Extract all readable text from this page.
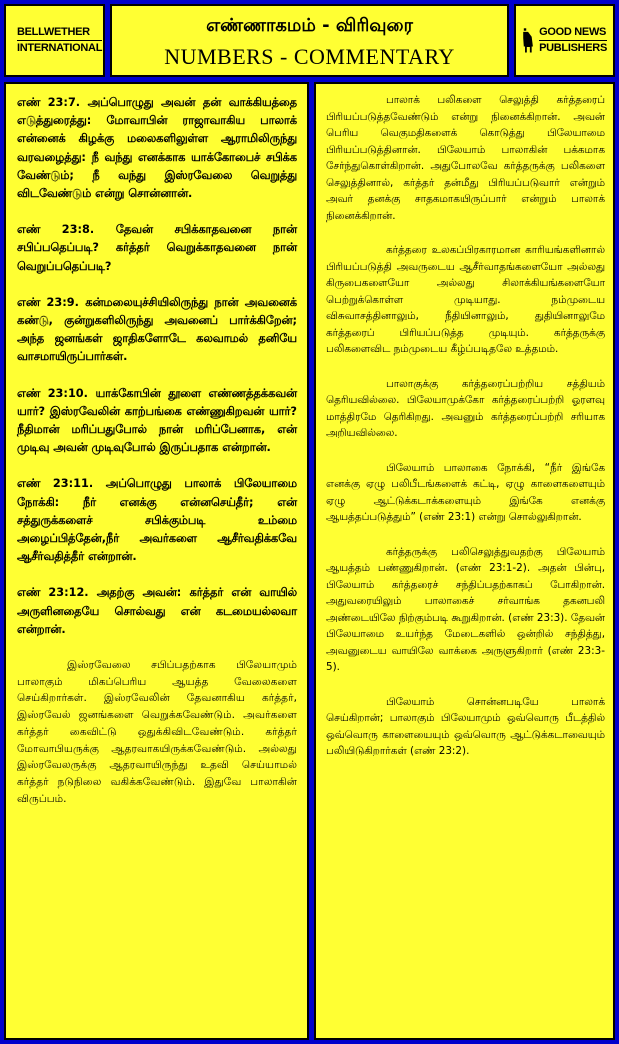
BELLWETHER
INTERNATIONAL
எண்ணாகமம் - விரிவுரை
NUMBERS - COMMENTARY
GOOD NEWS
PUBLISHERS

எண் 23:7. அப்பொழுது அவன் தன் வாக்கியத்தை எடுத்துரைத்து: மோவாபின் ராஜாவாகிய பாலாக் என்னைக் கிழக்கு மலைகளிலுள்ள ஆராமிலிருந்து வரவழைத்து: நீ வந்து எனக்காக யாக்கோபைச் சபிக்க வேண்டும்; நீ வந்து இஸ்ரவேலை வெறுத்து விடவேண்டும் என்று சொன்னான்.

எண் 23:8. தேவன் சபிக்காதவனை நான் சபிப்பதெப்படி? கர்த்தர் வெறுக்காதவனை நான் வெறுப்பதெப்படி?

எண் 23:9. கன்மலையுச்சியிலிருந்து நான் அவனைக் கண்டு, குன்றுகளிலிருந்து அவனைப் பார்க்கிறேன்; அந்த ஜனங்கள் ஜாதிகளோடே கலவாமல் தனியே வாசமாயிருப்பார்கள்.

எண் 23:10. யாக்கோபின் தூளை எண்ணத்தக்கவன் யார்? இஸ்ரவேலின் காற்பங்கை எண்ணுகிறவன் யார்? நீதிமான் மரிப்பதுபோல் நான் மரிப்பேனாக, என் முடிவு அவன் முடிவுபோல் இருப்பதாக என்றான்.

எண் 23:11. அப்பொழுது பாலாக் பிலேயாமை நோக்கி: நீர் எனக்கு என்னசெய்தீர்; என் சத்துருக்களைச் சபிக்கும்படி உம்மை அழைப்பித்தேன்,நீர் அவர்களை ஆசீர்வதிக்கவே ஆசீர்வதித்தீர் என்றான்.

எண் 23:12. அதற்கு அவன்: கர்த்தர் என் வாயில் அருளினதையே சொல்வது என் கடமையல்லவா என்றான்.

இஸ்ரவேலை சபிப்பதற்காக பிலேயாமும் பாலாகும் மிகப்பெரிய ஆயத்த வேலைகளை செய்கிறார்கள். இஸ்ரவேலின் தேவனாகிய கர்த்தர், இஸ்ரவேல் ஜனங்களை வெறுக்கவேண்டும். அவர்களை கர்த்தர் கைவிட்டு ஒதுக்கிவிடவேண்டும். கர்த்தர் மோவாபியருக்கு ஆதரவாகயிருக்கவேண்டும். அல்லது இஸ்ரவேலருக்கு ஆதரவாயிருந்து உதவி செய்யாமல் கர்த்தர் நடுநிலை வகிக்கவேண்டும். இதுவே பாலாகின் விருப்பம்.

பாலாக் பலிகளை செலுத்தி கர்த்தரைப் பிரியப்படுத்தவேண்டும் என்று நினைக்கிறான். அவன் பெரிய வெகுமதிகளைக் கொடுத்து பிலேயாமை பிரியப்படுத்தினான். பிலேயாம் பாலாகின் பக்கமாக சேர்ந்துகொள்கிறான். அதுபோலவே கர்த்தருக்கு பலிகளை செலுத்தினால், கர்த்தர் தன்மீது பிரியப்படுவார் என்றும் அவர் தனக்கு சாதகமாகயிருப்பார் என்றும் பாலாக் நினைக்கிறான்.

கர்த்தரை உலகப்பிரகாரமான காரியங்களினால் பிரியப்படுத்தி அவருடைய ஆசீர்வாதங்களையோ அல்லது கிருபைகளையோ அல்லது சிலாக்கியங்களையோ பெற்றுக்கொள்ள முடியாது. நம்முடைய விசுவாசத்தினாலும், நீதியினாலும், துதியினாலுமே கர்த்தரைப் பிரியப்படுத்த முடியும். கர்த்தருக்கு பலிகளைவிட நம்முடைய கீழ்ப்படிதலே உத்தமம்.

பாலாகுக்கு கர்த்தரைப்பற்றிய சத்தியம் தெரியவில்லை. பிலேயாமுக்கோ கர்த்தரைப்பற்றி ஓரளவு மாத்திரமே தெரிகிறது. அவனும் கர்த்தரைப்பற்றி சரியாக அறியவில்லை.

பிலேயாம் பாலாகை நோக்கி, “நீர் இங்கே எனக்கு ஏழு பலிபீடங்களைக் கட்டி, ஏழு காளைகளையும் ஏழு ஆட்டுக்கடாக்களையும் இங்கே எனக்கு ஆயத்தப்படுத்தும்” (எண் 23:1) என்று சொல்லுகிறான்.

கர்த்தருக்கு பலிசெலுத்துவதற்கு பிலேயாம் ஆயத்தம் பண்ணுகிறான். (எண் 23:1-2). அதன் பின்பு, பிலேயாம் கர்த்தரைச் சந்திப்பதற்காகப் போகிறான். அதுவரையிலும் பாலாகைச் சர்வாங்க தகனபலி அண்டையிலே நிற்கும்படி கூறுகிறான். (எண் 23:3). தேவன் பிலேயாமை உயர்ந்த மேடைகளில் ஒன்றில் சந்தித்து, அவனுடைய வாயிலே வாக்கை அருளுகிறார் (எண் 23:3-5).

பிலேயாம் சொன்னபடியே பாலாக் செய்கிறான்; பாலாகும் பிலேயாமும் ஒவ்வொரு பீடத்தில் ஒவ்வொரு காளையையும் ஒவ்வொரு ஆட்டுக்கடாவையும் பலியிடுகிறார்கள் (எண் 23:2).
